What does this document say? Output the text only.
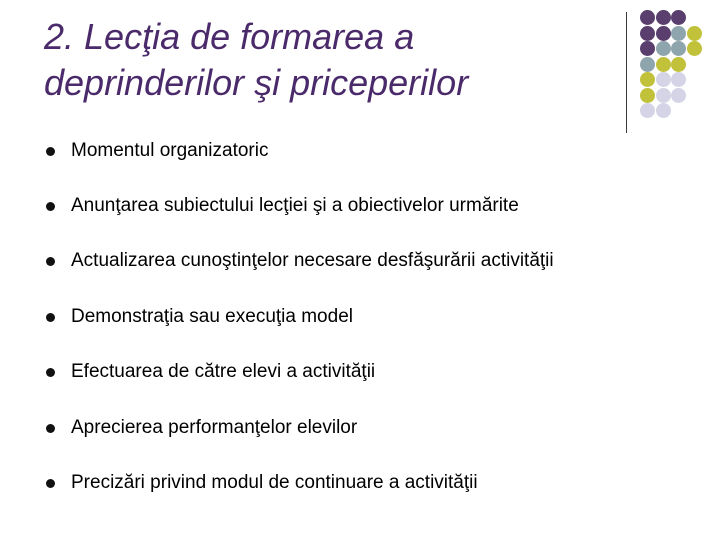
2. Lecţia de formarea a
deprinderilor şi priceperilor
Momentul organizatoric
Anunţarea subiectului lecţiei şi a obiectivelor urmărite
Actualizarea cunoştinţelor necesare desfăşurării activităţii
Demonstraţia sau execuţia model
Efectuarea de către elevi a activităţii
Aprecierea performanţelor elevilor
Precizări privind modul de continuare a activităţii
